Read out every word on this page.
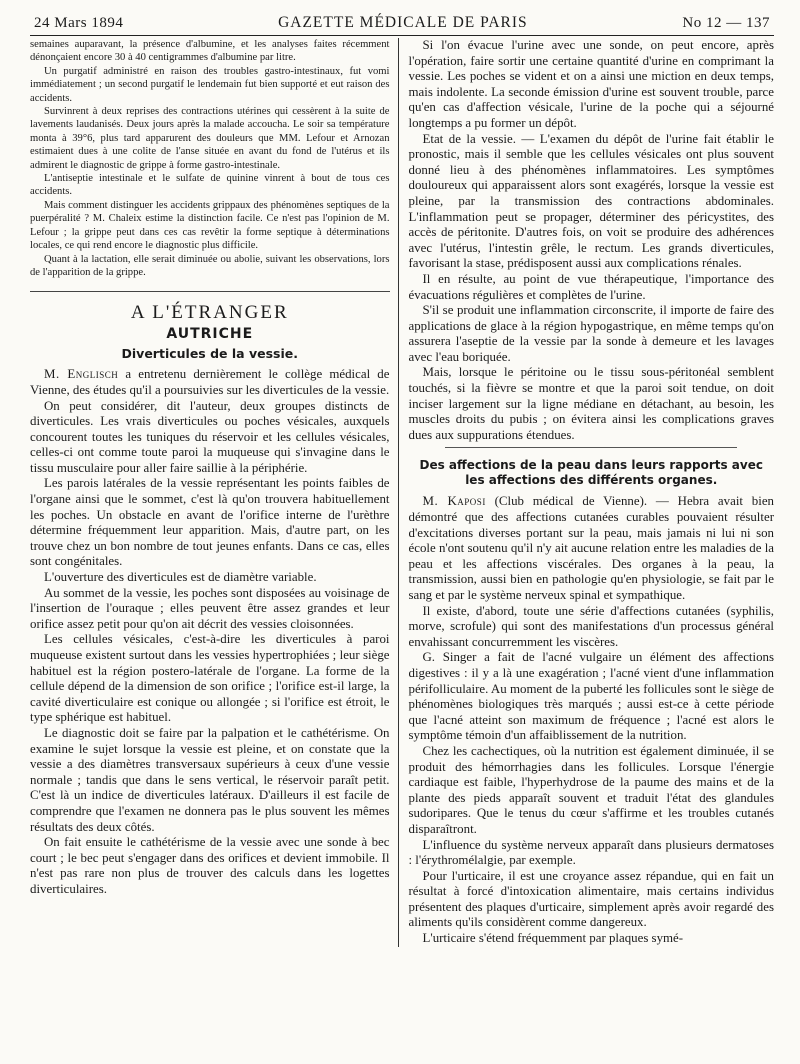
24 Mars 1894	GAZETTE MÉDICALE DE PARIS	No 12 — 137

semaines auparavant, la présence d'albumine, et les analyses faites récemment dénonçaient encore 30 à 40 centigrammes d'albumine par litre.

Un purgatif administré en raison des troubles gastro-intestinaux, fut vomi immédiatement ; un second purgatif le lendemain fut bien supporté et eut raison des accidents.

Survinrent à deux reprises des contractions utérines qui cessèrent à la suite de lavements laudanisés. Deux jours après la malade accoucha. Le soir sa température monta à 39°6, plus tard apparurent des douleurs que MM. Lefour et Arnozan estimaient dues à une colite de l'anse située en avant du fond de l'utérus et ils admirent le diagnostic de grippe à forme gastro-intestinale.

L'antiseptie intestinale et le sulfate de quinine vinrent à bout de tous ces accidents.

Mais comment distinguer les accidents grippaux des phénomènes septiques de la puerpéralité ? M. Chaleix estime la distinction facile. Ce n'est pas l'opinion de M. Lefour ; la grippe peut dans ces cas revêtir la forme septique à déterminations locales, ce qui rend encore le diagnostic plus difficile.

Quant à la lactation, elle serait diminuée ou abolie, suivant les observations, lors de l'apparition de la grippe.

A L'ÉTRANGER
AUTRICHE
Diverticules de la vessie.

M. Englisch a entretenu dernièrement le collège médical de Vienne, des études qu'il a poursuivies sur les diverticules de la vessie.

On peut considérer, dit l'auteur, deux groupes distincts de diverticules. Les vrais diverticules ou poches vésicales, auxquels concourent toutes les tuniques du réservoir et les cellules vésicales, celles-ci ont comme toute paroi la muqueuse qui s'invagine dans le tissu musculaire pour aller faire saillie à la périphérie.

Les parois latérales de la vessie représentant les points faibles de l'organe ainsi que le sommet, c'est là qu'on trouvera habituellement les poches. Un obstacle en avant de l'orifice interne de l'urèthre détermine fréquemment leur apparition. Mais, d'autre part, on les trouve chez un bon nombre de tout jeunes enfants. Dans ce cas, elles sont congénitales.

L'ouverture des diverticules est de diamètre variable.

Au sommet de la vessie, les poches sont disposées au voisinage de l'insertion de l'ouraque ; elles peuvent être assez grandes et leur orifice assez petit pour qu'on ait décrit des vessies cloisonnées.

Les cellules vésicales, c'est-à-dire les diverticules à paroi muqueuse existent surtout dans les vessies hypertrophiées ; leur siège habituel est la région postero-latérale de l'organe. La forme de la cellule dépend de la dimension de son orifice ; l'orifice est-il large, la cavité diverticulaire est conique ou allongée ; si l'orifice est étroit, le type sphérique est habituel.

Le diagnostic doit se faire par la palpation et le cathétérisme. On examine le sujet lorsque la vessie est pleine, et on constate que la vessie a des diamètres transversaux supérieurs à ceux d'une vessie normale ; tandis que dans le sens vertical, le réservoir paraît petit. C'est là un indice de diverticules latéraux. D'ailleurs il est facile de comprendre que l'examen ne donnera pas le plus souvent les mêmes résultats des deux côtés.

On fait ensuite le cathétérisme de la vessie avec une sonde à bec court ; le bec peut s'engager dans des orifices et devient immobile. Il n'est pas rare non plus de trouver des calculs dans les logettes diverticulaires.

Si l'on évacue l'urine avec une sonde, on peut encore, après l'opération, faire sortir une certaine quantité d'urine en comprimant la vessie. Les poches se vident et on a ainsi une miction en deux temps, mais indolente. La seconde émission d'urine est souvent trouble, parce qu'en cas d'affection vésicale, l'urine de la poche qui a séjourné longtemps a pu former un dépôt.

Etat de la vessie. — L'examen du dépôt de l'urine fait établir le pronostic, mais il semble que les cellules vésicales ont plus souvent donné lieu à des phénomènes inflammatoires. Les symptômes douloureux qui apparaissent alors sont exagérés, lorsque la vessie est pleine, par la transmission des contractions abdominales. L'inflammation peut se propager, déterminer des péricystites, des accès de péritonite. D'autres fois, on voit se produire des adhérences avec l'utérus, l'intestin grêle, le rectum. Les grands diverticules, favorisant la stase, prédisposent aussi aux complications rénales.

Il en résulte, au point de vue thérapeutique, l'importance des évacuations régulières et complètes de l'urine.

S'il se produit une inflammation circonscrite, il importe de faire des applications de glace à la région hypogastrique, en même temps qu'on assurera l'aseptie de la vessie par la sonde à demeure et les lavages avec l'eau boriquée.

Mais, lorsque le péritoine ou le tissu sous-péritonéal semblent touchés, si la fièvre se montre et que la paroi soit tendue, on doit inciser largement sur la ligne médiane en détachant, au besoin, les muscles droits du pubis ; on évitera ainsi les complications graves dues aux suppurations étendues.

Des affections de la peau dans leurs rapports avec les affections des différents organes.

M. Kaposi (Club médical de Vienne). — Hebra avait bien démontré que des affections cutanées curables pouvaient résulter d'excitations diverses portant sur la peau, mais jamais ni lui ni son école n'ont soutenu qu'il n'y ait aucune relation entre les maladies de la peau et les affections viscérales. Des organes à la peau, la transmission, aussi bien en pathologie qu'en physiologie, se fait par le sang et par le système nerveux spinal et sympathique.

Il existe, d'abord, toute une série d'affections cutanées (syphilis, morve, scrofule) qui sont des manifestations d'un processus général envahissant concurremment les viscères.

G. Singer a fait de l'acné vulgaire un élément des affections digestives : il y a là une exagération ; l'acné vient d'une inflammation périfolliculaire. Au moment de la puberté les follicules sont le siège de phénomènes biologiques très marqués ; aussi est-ce à cette période que l'acné atteint son maximum de fréquence ; l'acné est alors le symptôme témoin d'un affaiblissement de la nutrition.

Chez les cachectiques, où la nutrition est également diminuée, il se produit des hémorrhagies dans les follicules. Lorsque l'énergie cardiaque est faible, l'hyperhydrose de la paume des mains et de la plante des pieds apparaît souvent et traduit l'état des glandules sudoripares. Que le tenus du cœur s'affirme et les troubles cutanés disparaîtront.

L'influence du système nerveux apparaît dans plusieurs dermatoses : l'érythromélalgie, par exemple.

Pour l'urticaire, il est une croyance assez répandue, qui en fait un résultat à forcé d'intoxication alimentaire, mais certains individus présentent des plaques d'urticaire, simplement après avoir regardé des aliments qu'ils considèrent comme dangereux.

L'urticaire s'étend fréquemment par plaques symé-
